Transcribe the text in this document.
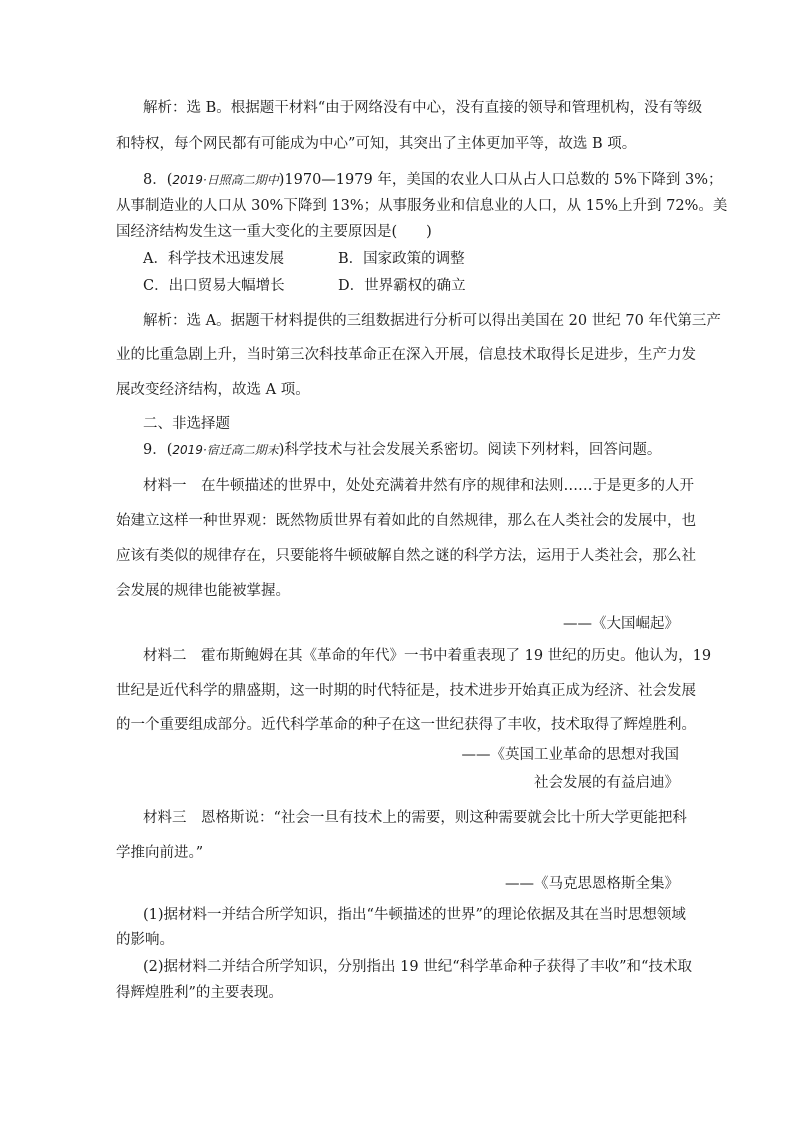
解析：选 B。根据题干材料“由于网络没有中心，没有直接的领导和管理机构，没有等级
和特权，每个网民都有可能成为中心”可知，其突出了主体更加平等，故选 B 项。
8．(2019·日照高二期中)1970—1979 年，美国的农业人口从占人口总数的 5%下降到 3%；
从事制造业的人口从 30%下降到 13%；从事服务业和信息业的人口，从 15%上升到 72%。美
国经济结构发生这一重大变化的主要原因是(　　)
A．科学技术迅速发展	B．国家政策的调整
C．出口贸易大幅增长	D．世界霸权的确立
解析：选 A。据题干材料提供的三组数据进行分析可以得出美国在 20 世纪 70 年代第三产
业的比重急剧上升，当时第三次科技革命正在深入开展，信息技术取得长足进步，生产力发
展改变经济结构，故选 A 项。
二、非选择题
9．(2019·宿迁高二期末)科学技术与社会发展关系密切。阅读下列材料，回答问题。
材料一　在牛顿描述的世界中，处处充满着井然有序的规律和法则……于是更多的人开
始建立这样一种世界观：既然物质世界有着如此的自然规律，那么在人类社会的发展中，也
应该有类似的规律存在，只要能将牛顿破解自然之谜的科学方法，运用于人类社会，那么社
会发展的规律也能被掌握。
——《大国崛起》
材料二　霍布斯鲍姆在其《革命的年代》一书中着重表现了 19 世纪的历史。他认为，19
世纪是近代科学的鼎盛期，这一时期的时代特征是，技术进步开始真正成为经济、社会发展
的一个重要组成部分。近代科学革命的种子在这一世纪获得了丰收，技术取得了辉煌胜利。
——《英国工业革命的思想对我国
社会发展的有益启迪》
材料三　恩格斯说：“社会一旦有技术上的需要，则这种需要就会比十所大学更能把科
学推向前进。”
——《马克思恩格斯全集》
(1)据材料一并结合所学知识，指出“牛顿描述的世界”的理论依据及其在当时思想领域
的影响。
(2)据材料二并结合所学知识，分别指出 19 世纪“科学革命种子获得了丰收”和“技术取
得辉煌胜利”的主要表现。
